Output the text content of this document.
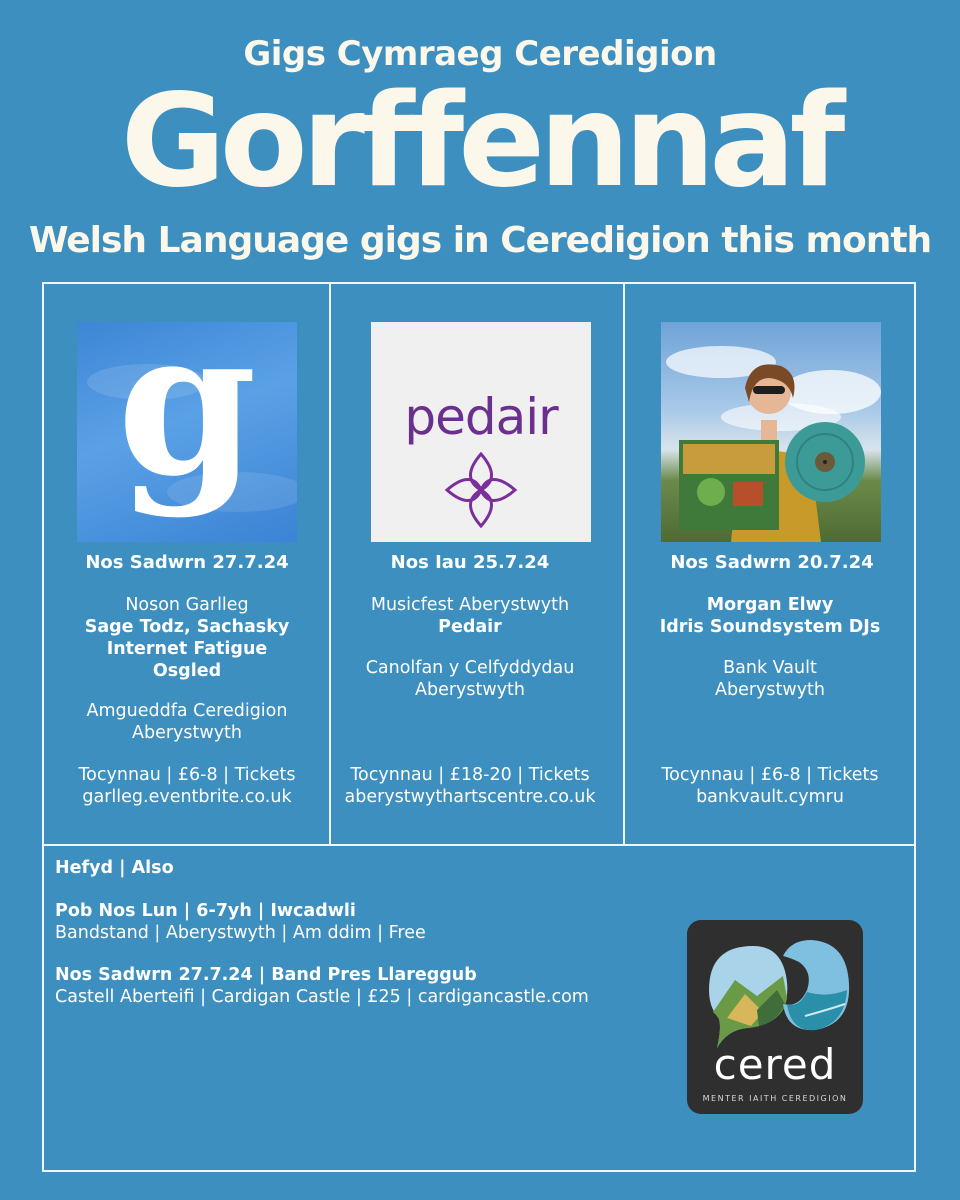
Gigs Cymraeg Ceredigion
Gorffennaf
Welsh Language gigs in Ceredigion this month
g
Nos Sadwrn 27.7.24
Noson Garlleg
Sage Todz, Sachasky
Internet Fatigue
Osgled
Amgueddfa Ceredigion
Aberystwyth
Tocynnau | £6-8 | Tickets
garlleg.eventbrite.co.uk
pedair
Nos Iau 25.7.24
Musicfest Aberystwyth
Pedair
Canolfan y Celfyddydau
Aberystwyth
Tocynnau | £18-20 | Tickets
aberystwythartscentre.co.uk
Nos Sadwrn 20.7.24
Morgan Elwy
Idris Soundsystem DJs
Bank Vault
Aberystwyth
Tocynnau | £6-8 | Tickets
bankvault.cymru
Hefyd | Also
Pob Nos Lun | 6-7yh | Iwcadwli
Bandstand | Aberystwyth | Am ddim | Free
Nos Sadwrn 27.7.24 | Band Pres Llareggub
Castell Aberteifi | Cardigan Castle | £25 | cardigancastle.com
cered
MENTER IAITH CEREDIGION
